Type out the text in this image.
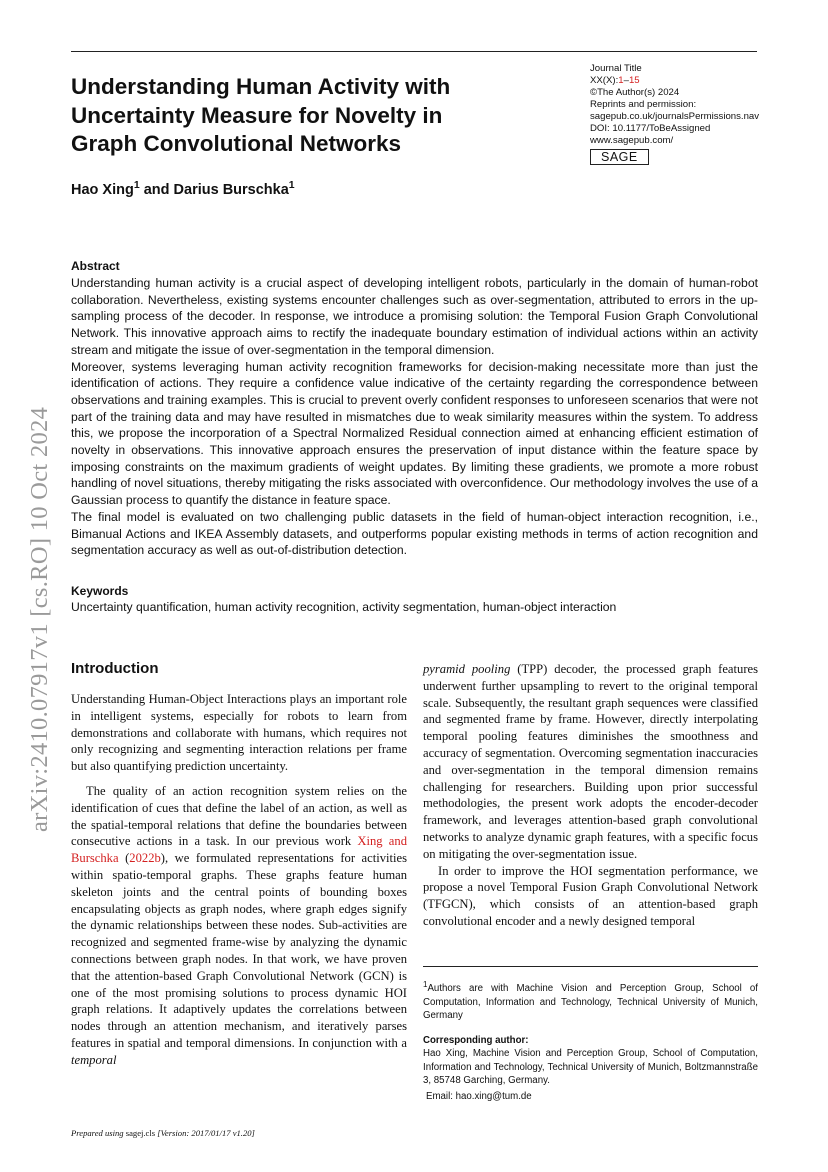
Understanding Human Activity with
Uncertainty Measure for Novelty in
Graph Convolutional Networks
Journal Title
XX(X):1–15
©The Author(s) 2024
Reprints and permission:
sagepub.co.uk/journalsPermissions.nav
DOI: 10.1177/ToBeAssigned
www.sagepub.com/
SAGE
Hao Xing$^1$ and Darius Burschka$^1$
arXiv:2410.07917v1 [cs.RO] 10 Oct 2024
Abstract

Understanding human activity is a crucial aspect of developing intelligent robots, particularly in the domain of human-robot collaboration. Nevertheless, existing systems encounter challenges such as over-segmentation, attributed to errors in the up-sampling process of the decoder. In response, we introduce a promising solution: the Temporal Fusion Graph Convolutional Network. This innovative approach aims to rectify the inadequate boundary estimation of individual actions within an activity stream and mitigate the issue of over-segmentation in the temporal dimension.

Moreover, systems leveraging human activity recognition frameworks for decision-making necessitate more than just the identification of actions. They require a confidence value indicative of the certainty regarding the correspondence between observations and training examples. This is crucial to prevent overly confident responses to unforeseen scenarios that were not part of the training data and may have resulted in mismatches due to weak similarity measures within the system. To address this, we propose the incorporation of a Spectral Normalized Residual connection aimed at enhancing efficient estimation of novelty in observations. This innovative approach ensures the preservation of input distance within the feature space by imposing constraints on the maximum gradients of weight updates. By limiting these gradients, we promote a more robust handling of novel situations, thereby mitigating the risks associated with overconfidence. Our methodology involves the use of a Gaussian process to quantify the distance in feature space.

The final model is evaluated on two challenging public datasets in the field of human-object interaction recognition, i.e., Bimanual Actions and IKEA Assembly datasets, and outperforms popular existing methods in terms of action recognition and segmentation accuracy as well as out-of-distribution detection.

Keywords
Uncertainty quantification, human activity recognition, activity segmentation, human-object interaction
Introduction

Understanding Human-Object Interactions plays an important role in intelligent systems, especially for robots to learn from demonstrations and collaborate with humans, which requires not only recognizing and segmenting interaction relations per frame but also quantifying prediction uncertainty.

The quality of an action recognition system relies on the identification of cues that define the label of an action, as well as the spatial-temporal relations that define the boundaries between consecutive actions in a task. In our previous work Xing and Burschka (2022b), we formulated representations for activities within spatio-temporal graphs. These graphs feature human skeleton joints and the central points of bounding boxes encapsulating objects as graph nodes, where graph edges signify the dynamic relationships between these nodes. Sub-activities are recognized and segmented frame-wise by analyzing the dynamic connections between graph nodes. In that work, we have proven that the attention-based Graph Convolutional Network (GCN) is one of the most promising solutions to process dynamic HOI graph relations. It adaptively updates the correlations between nodes through an attention mechanism, and iteratively parses features in spatial and temporal dimensions. In conjunction with a temporal

pyramid pooling (TPP) decoder, the processed graph features underwent further upsampling to revert to the original temporal scale. Subsequently, the resultant graph sequences were classified and segmented frame by frame. However, directly interpolating temporal pooling features diminishes the smoothness and accuracy of segmentation. Overcoming segmentation inaccuracies and over-segmentation in the temporal dimension remains challenging for researchers. Building upon prior successful methodologies, the present work adopts the encoder-decoder framework, and leverages attention-based graph convolutional networks to analyze dynamic graph features, with a specific focus on mitigating the over-segmentation issue.

In order to improve the HOI segmentation performance, we propose a novel Temporal Fusion Graph Convolutional Network (TFGCN), which consists of an attention-based graph convolutional encoder and a newly designed temporal

$^1$Authors are with Machine Vision and Perception Group, School of Computation, Information and Technology, Technical University of Munich, Germany
Corresponding author:
Hao Xing, Machine Vision and Perception Group, School of Computation, Information and Technology, Technical University of Munich, Boltzmannstraße 3, 85748 Garching, Germany.
Email: hao.xing@tum.de
Prepared using sagej.cls [Version: 2017/01/17 v1.20]
